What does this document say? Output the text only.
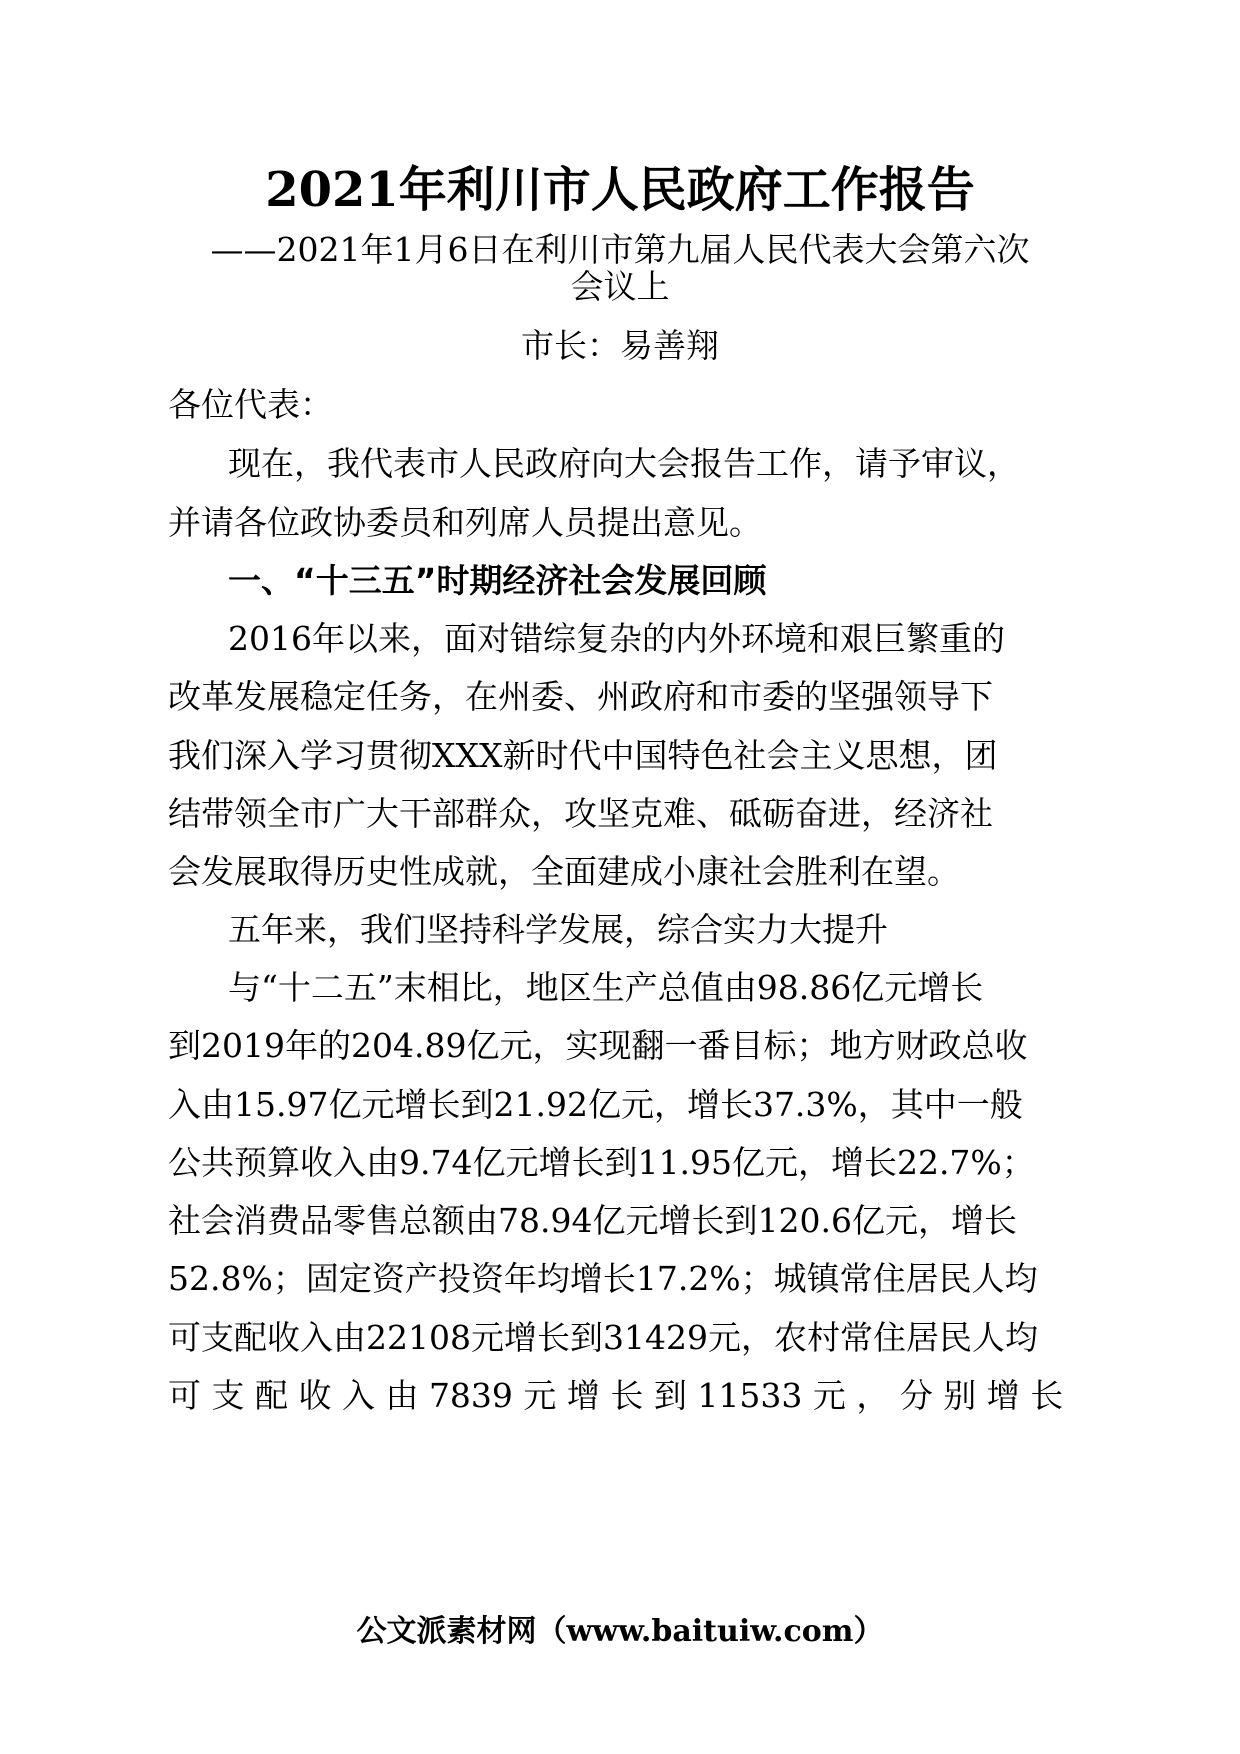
2021年利川市人民政府工作报告
——2021年1月6日在利川市第九届人民代表大会第六次
会议上
市长：易善翔
各位代表：
现在，我代表市人民政府向大会报告工作，请予审议，
并请各位政协委员和列席人员提出意见。
一、“十三五”时期经济社会发展回顾
2016年以来，面对错综复杂的内外环境和艰巨繁重的
改革发展稳定任务，在州委、州政府和市委的坚强领导下
我们深入学习贯彻XXX新时代中国特色社会主义思想，团
结带领全市广大干部群众，攻坚克难、砥砺奋进，经济社
会发展取得历史性成就，全面建成小康社会胜利在望。
五年来，我们坚持科学发展，综合实力大提升
与“十二五”末相比，地区生产总值由98.86亿元增长
到2019年的204.89亿元，实现翻一番目标；地方财政总收
入由15.97亿元增长到21.92亿元，增长37.3%，其中一般
公共预算收入由9.74亿元增长到11.95亿元，增长22.7%；
社会消费品零售总额由78.94亿元增长到120.6亿元，增长
52.8%；固定资产投资年均增长17.2%；城镇常住居民人均
可支配收入由22108元增长到31429元，农村常住居民人均
可 支 配 收 入 由 7839 元 增 长 到 11533 元 ， 分 别 增 长
公文派素材网（www.baituiw.com）
